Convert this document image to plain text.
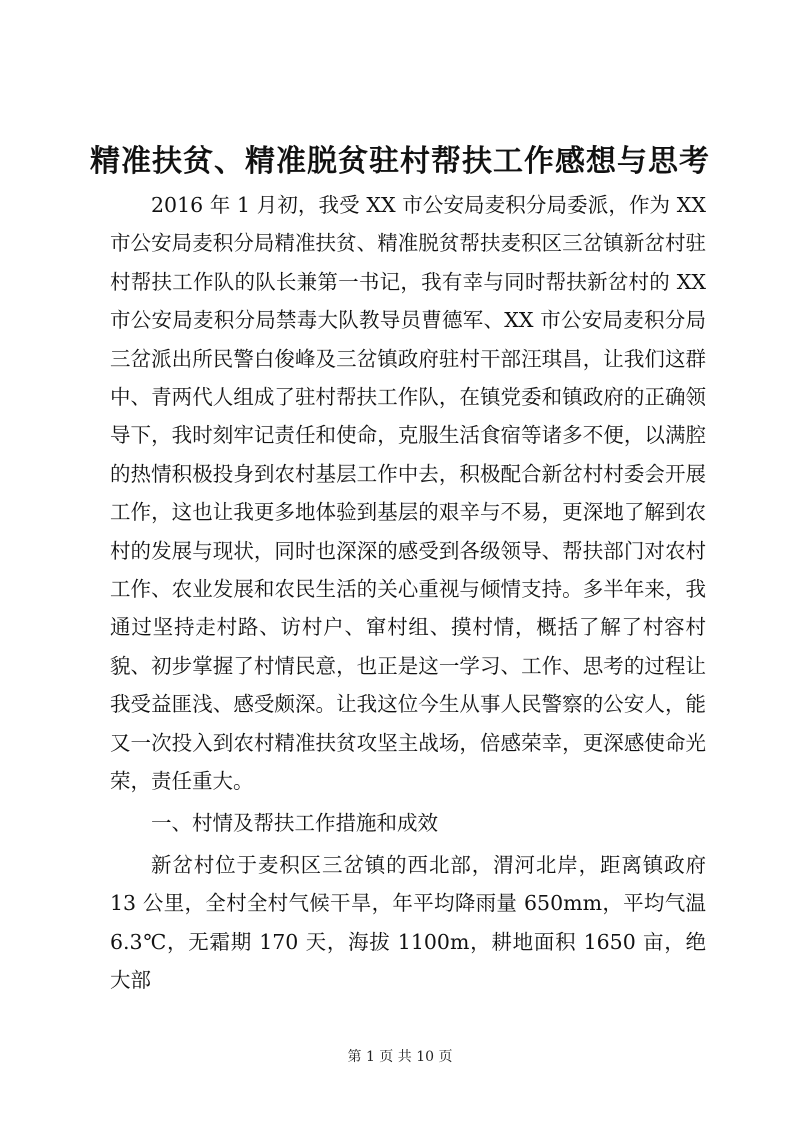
精准扶贫、精准脱贫驻村帮扶工作感想与思考

2016 年 1 月初，我受 XX 市公安局麦积分局委派，作为 XX 市公安局麦积分局精准扶贫、精准脱贫帮扶麦积区三岔镇新岔村驻村帮扶工作队的队长兼第一书记，我有幸与同时帮扶新岔村的 XX 市公安局麦积分局禁毒大队教导员曹德军、XX 市公安局麦积分局三岔派出所民警白俊峰及三岔镇政府驻村干部汪琪昌，让我们这群中、青两代人组成了驻村帮扶工作队，在镇党委和镇政府的正确领导下，我时刻牢记责任和使命，克服生活食宿等诸多不便，以满腔的热情积极投身到农村基层工作中去，积极配合新岔村村委会开展工作，这也让我更多地体验到基层的艰辛与不易，更深地了解到农村的发展与现状，同时也深深的感受到各级领导、帮扶部门对农村工作、农业发展和农民生活的关心重视与倾情支持。多半年来，我通过坚持走村路、访村户、窜村组、摸村情，概括了解了村容村貌、初步掌握了村情民意，也正是这一学习、工作、思考的过程让我受益匪浅、感受颇深。让我这位今生从事人民警察的公安人，能又一次投入到农村精准扶贫攻坚主战场，倍感荣幸，更深感使命光荣，责任重大。

一、村情及帮扶工作措施和成效

新岔村位于麦积区三岔镇的西北部，渭河北岸，距离镇政府 13 公里，全村全村气候干旱，年平均降雨量 650mm，平均气温 6.3℃，无霜期 170 天，海拔 1100m，耕地面积 1650 亩，绝大部

第 1 页 共 10 页
